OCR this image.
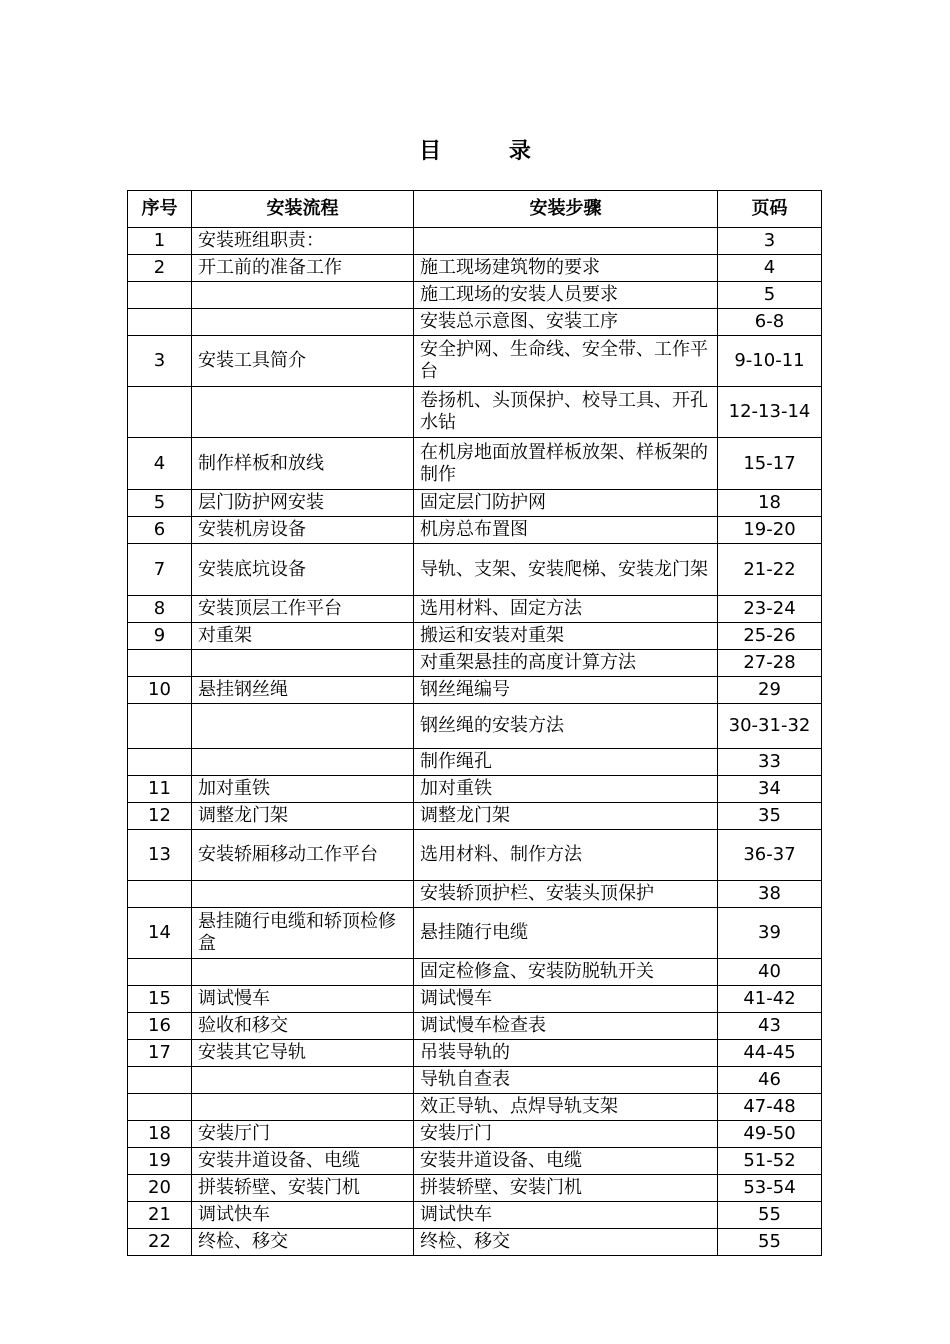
目 录
序号	安装流程	安装步骤	页码
1	安装班组职责：		3
2	开工前的准备工作	施工现场建筑物的要求	4
		施工现场的安装人员要求	5
		安装总示意图、安装工序	6-8
3	安装工具简介	安全护网、生命线、安全带、工作平台	9-10-11
		卷扬机、头顶保护、校导工具、开孔水钻	12-13-14
4	制作样板和放线	在机房地面放置样板放架、样板架的制作	15-17
5	层门防护网安装	固定层门防护网	18
6	安装机房设备	机房总布置图	19-20
7	安装底坑设备	导轨、支架、安装爬梯、安装龙门架	21-22
8	安装顶层工作平台	选用材料、固定方法	23-24
9	对重架	搬运和安装对重架	25-26
		对重架悬挂的高度计算方法	27-28
10	悬挂钢丝绳	钢丝绳编号	29
		钢丝绳的安装方法	30-31-32
		制作绳孔	33
11	加对重铁	加对重铁	34
12	调整龙门架	调整龙门架	35
13	安装轿厢移动工作平台	选用材料、制作方法	36-37
		安装轿顶护栏、安装头顶保护	38
14	悬挂随行电缆和轿顶检修盒	悬挂随行电缆	39
		固定检修盒、安装防脱轨开关	40
15	调试慢车	调试慢车	41-42
16	验收和移交	调试慢车检查表	43
17	安装其它导轨	吊装导轨的	44-45
		导轨自查表	46
		效正导轨、点焊导轨支架	47-48
18	安装厅门	安装厅门	49-50
19	安装井道设备、电缆	安装井道设备、电缆	51-52
20	拼装轿壁、安装门机	拼装轿壁、安装门机	53-54
21	调试快车	调试快车	55
22	终检、移交	终检、移交	55
